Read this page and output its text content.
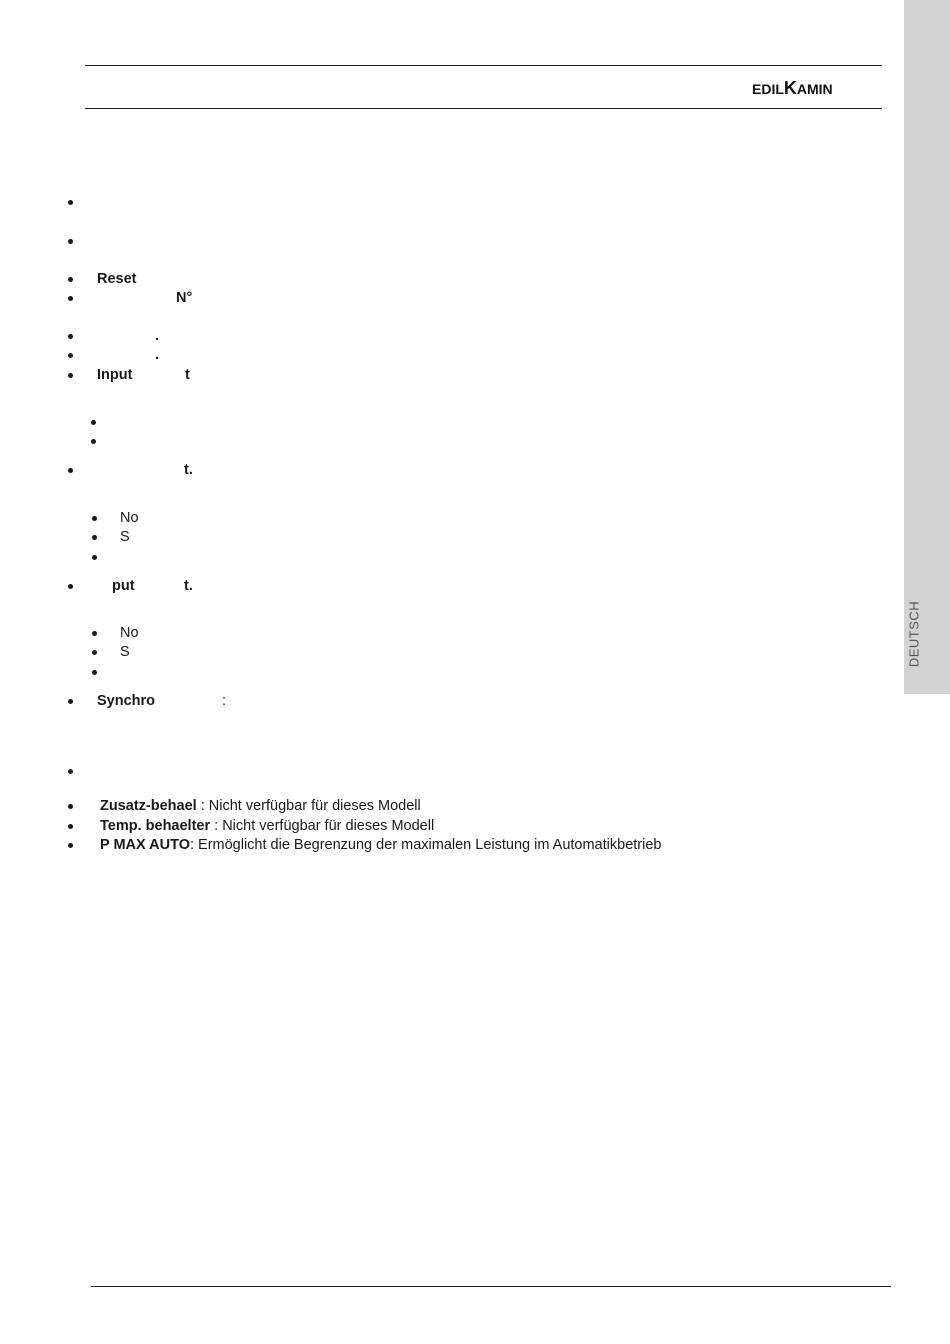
EDILKAMIN
DEUTSCH
Reset
N°
.
.
Input	t
t.
No
S
put	t.
No
S
Synchro	:
Zusatz-behael : Nicht verfügbar für dieses Modell
Temp. behaelter : Nicht verfügbar für dieses Modell
P MAX AUTO: Ermöglicht die Begrenzung der maximalen Leistung im Automatikbetrieb
